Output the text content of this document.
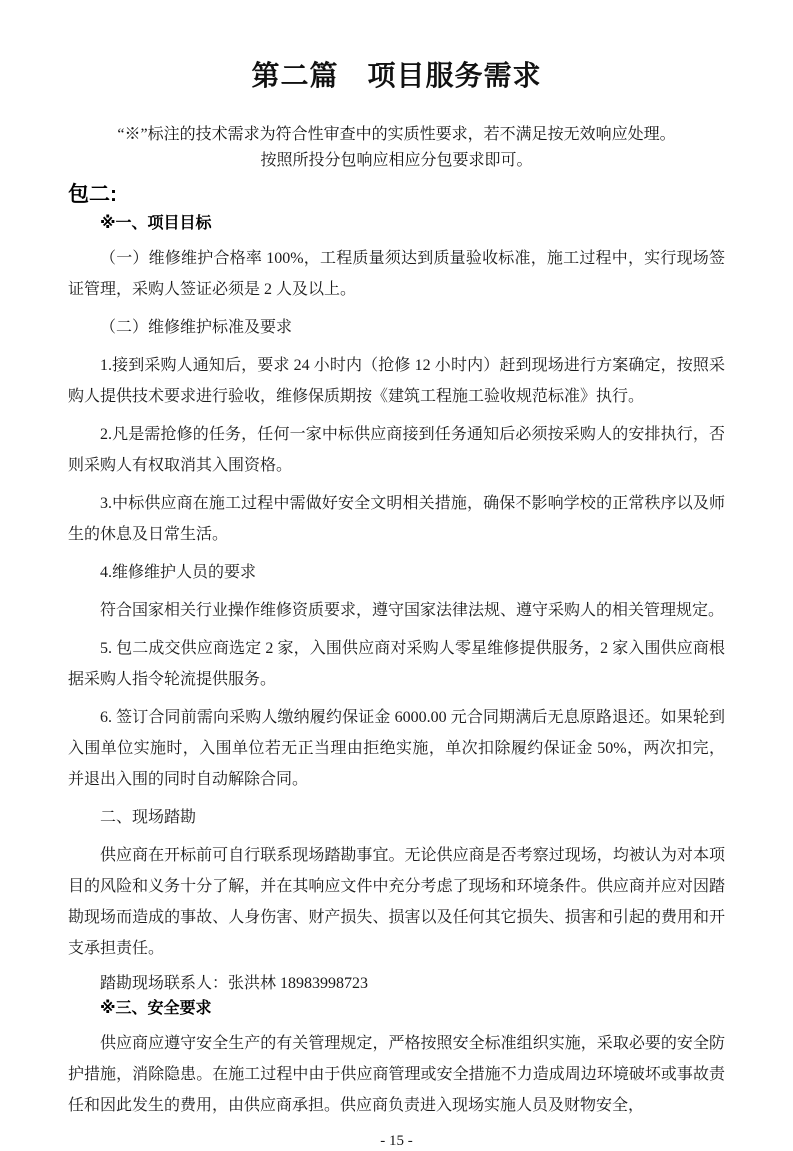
第二篇　项目服务需求

“※”标注的技术需求为符合性审查中的实质性要求，若不满足按无效响应处理。

按照所投分包响应相应分包要求即可。

包二:
※一、项目目标

（一）维修维护合格率 100%，工程质量须达到质量验收标准，施工过程中，实行现场签证管理，采购人签证必须是 2 人及以上。

（二）维修维护标准及要求

1.接到采购人通知后，要求 24 小时内（抢修 12 小时内）赶到现场进行方案确定，按照采购人提供技术要求进行验收，维修保质期按《建筑工程施工验收规范标准》执行。

2.凡是需抢修的任务，任何一家中标供应商接到任务通知后必须按采购人的安排执行，否则采购人有权取消其入围资格。

3.中标供应商在施工过程中需做好安全文明相关措施，确保不影响学校的正常秩序以及师生的休息及日常生活。

4.维修维护人员的要求

符合国家相关行业操作维修资质要求，遵守国家法律法规、遵守采购人的相关管理规定。

5. 包二成交供应商选定 2 家，入围供应商对采购人零星维修提供服务，2 家入围供应商根据采购人指令轮流提供服务。

6. 签订合同前需向采购人缴纳履约保证金 6000.00 元合同期满后无息原路退还。如果轮到入围单位实施时，入围单位若无正当理由拒绝实施，单次扣除履约保证金 50%，两次扣完，并退出入围的同时自动解除合同。

二、现场踏勘

供应商在开标前可自行联系现场踏勘事宜。无论供应商是否考察过现场，均被认为对本项目的风险和义务十分了解，并在其响应文件中充分考虑了现场和环境条件。供应商并应对因踏勘现场而造成的事故、人身伤害、财产损失、损害以及任何其它损失、损害和引起的费用和开支承担责任。

踏勘现场联系人：张洪林 18983998723

※三、安全要求

供应商应遵守安全生产的有关管理规定，严格按照安全标准组织实施，采取必要的安全防护措施，消除隐患。在施工过程中由于供应商管理或安全措施不力造成周边环境破坏或事故责任和因此发生的费用，由供应商承担。供应商负责进入现场实施人员及财物安全，

- 15 -
